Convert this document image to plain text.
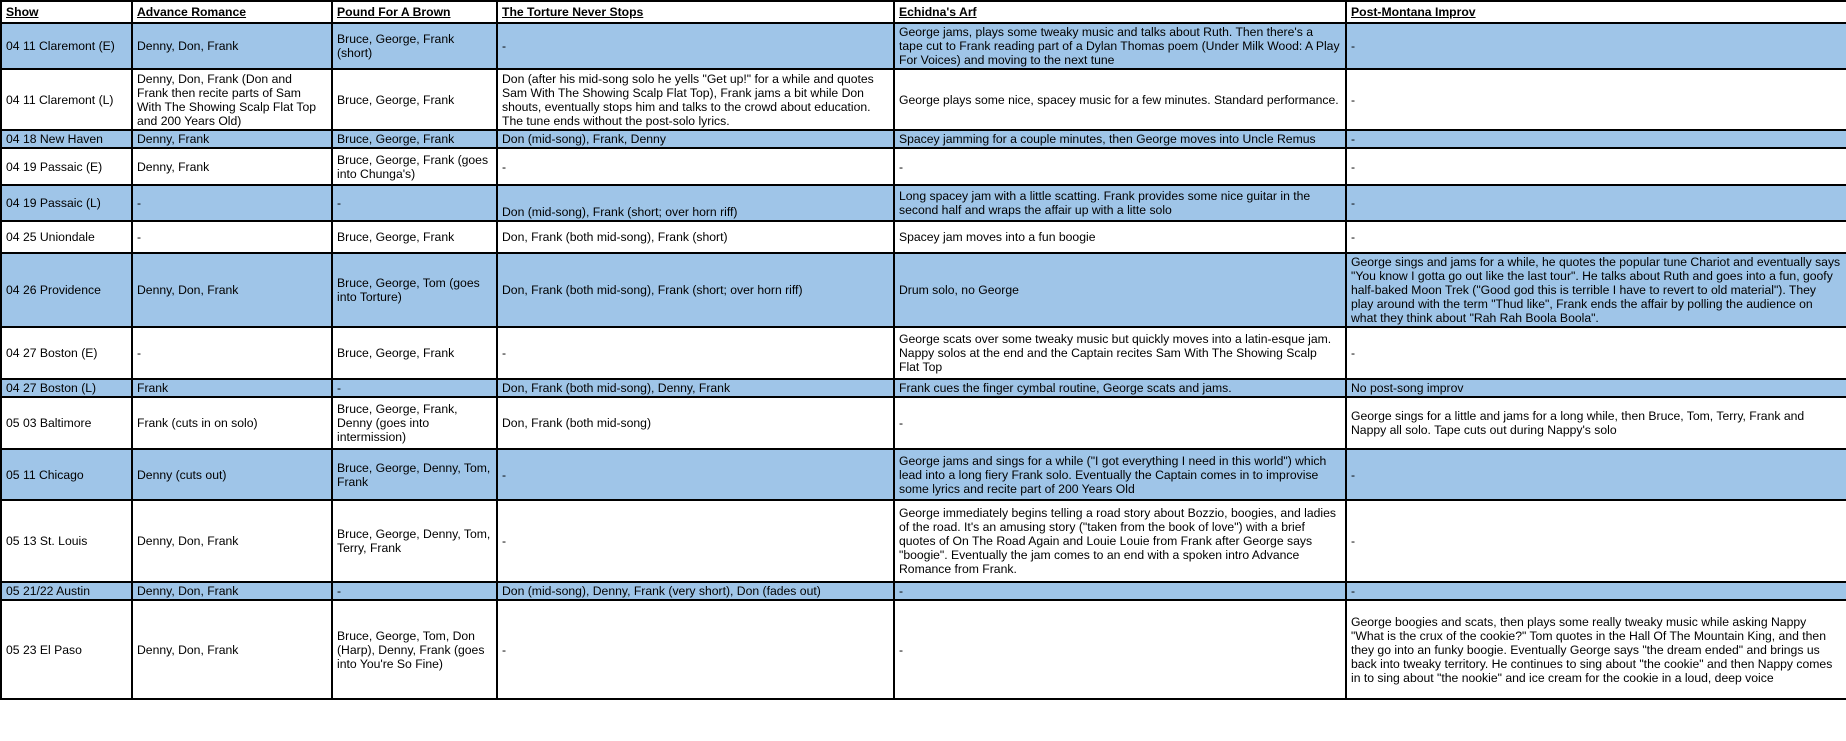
Show	Advance Romance	Pound For A Brown	The Torture Never Stops	Echidna's Arf	Post-Montana Improv
04 11 Claremont (E)	Denny, Don, Frank	Bruce, George, Frank (short)	-	George jams, plays some tweaky music and talks about Ruth. Then there's a tape cut to Frank reading part of a Dylan Thomas poem (Under Milk Wood: A Play For Voices) and moving to the next tune	-
04 11 Claremont (L)	Denny, Don, Frank (Don and Frank then recite parts of Sam With The Showing Scalp Flat Top and 200 Years Old)	Bruce, George, Frank	Don (after his mid-song solo he yells "Get up!" for a while and quotes Sam With The Showing Scalp Flat Top), Frank jams a bit while Don shouts, eventually stops him and talks to the crowd about education. The tune ends without the post-solo lyrics.	George plays some nice, spacey music for a few minutes. Standard performance.	-
04 18 New Haven	Denny, Frank	Bruce, George, Frank	Don (mid-song), Frank, Denny	Spacey jamming for a couple minutes, then George moves into Uncle Remus	-
04 19 Passaic (E)	Denny, Frank	Bruce, George, Frank (goes into Chunga's)	-	-	-
04 19 Passaic (L)	-	-	Don (mid-song), Frank (short; over horn riff)	Long spacey jam with a little scatting. Frank provides some nice guitar in the second half and wraps the affair up with a litte solo	-
04 25 Uniondale	-	Bruce, George, Frank	Don, Frank (both mid-song), Frank (short)	Spacey jam moves into a fun boogie	-
04 26 Providence	Denny, Don, Frank	Bruce, George, Tom (goes into Torture)	Don, Frank (both mid-song), Frank (short; over horn riff)	Drum solo, no George	George sings and jams for a while, he quotes the popular tune Chariot and eventually says "You know I gotta go out like the last tour". He talks about Ruth and goes into a fun, goofy half-baked Moon Trek ("Good god this is terrible I have to revert to old material"). They play around with the term "Thud like", Frank ends the affair by polling the audience on what they think about "Rah Rah Boola Boola".
04 27 Boston (E)	-	Bruce, George, Frank	-	George scats over some tweaky music but quickly moves into a latin-esque jam. Nappy solos at the end and the Captain recites Sam With The Showing Scalp Flat Top	-
04 27 Boston (L)	Frank	-	Don, Frank (both mid-song), Denny, Frank	Frank cues the finger cymbal routine, George scats and jams.	No post-song improv
05 03 Baltimore	Frank (cuts in on solo)	Bruce, George, Frank, Denny (goes into intermission)	Don, Frank (both mid-song)	-	George sings for a little and jams for a long while, then Bruce, Tom, Terry, Frank and Nappy all solo. Tape cuts out during Nappy's solo
05 11 Chicago	Denny (cuts out)	Bruce, George, Denny, Tom, Frank	-	George jams and sings for a while ("I got everything I need in this world") which lead into a long fiery Frank solo. Eventually the Captain comes in to improvise some lyrics and recite part of 200 Years Old	-
05 13 St. Louis	Denny, Don, Frank	Bruce, George, Denny, Tom, Terry, Frank	-	George immediately begins telling a road story about Bozzio, boogies, and ladies of the road. It's an amusing story ("taken from the book of love") with a brief quotes of On The Road Again and Louie Louie from Frank after George says "boogie". Eventually the jam comes to an end with a spoken intro Advance Romance from Frank.	-
05 21/22 Austin	Denny, Don, Frank	-	Don (mid-song), Denny, Frank (very short), Don (fades out)	-	-
05 23 El Paso	Denny, Don, Frank	Bruce, George, Tom, Don (Harp), Denny, Frank (goes into You're So Fine)	-	-	George boogies and scats, then plays some really tweaky music while asking Nappy "What is the crux of the cookie?" Tom quotes in the Hall Of The Mountain King, and then they go into an funky boogie. Eventually George says "the dream ended" and brings us back into tweaky territory. He continues to sing about "the cookie" and then Nappy comes in to sing about "the nookie" and ice cream for the cookie in a loud, deep voice
